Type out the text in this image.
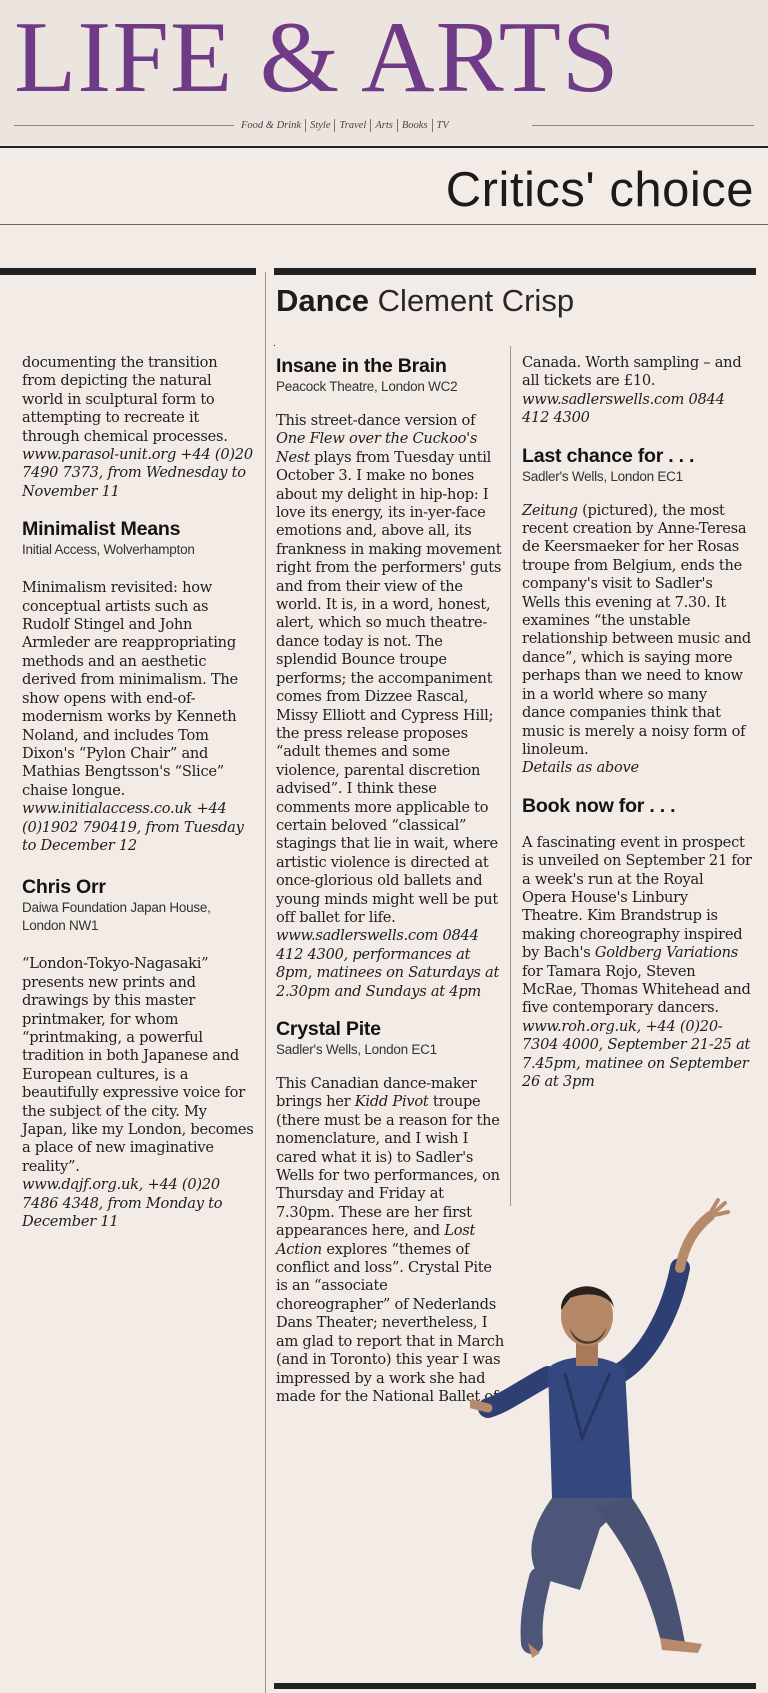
LIFE & ARTS
Food & Drink Style Travel Arts Books TV
Critics' choice
Dance Clement Crisp

documenting the transition from depicting the natural world in sculptural form to attempting to recreate it through chemical processes.

www.parasol-unit.org +44 (0)20 7490 7373, from Wednesday to November 11

Minimalist Means

Initial Access, Wolverhampton

Minimalism revisited: how conceptual artists such as Rudolf Stingel and John Armleder are reappropriating methods and an aesthetic derived from minimalism. The show opens with end-of-modernism works by Kenneth Noland, and includes Tom Dixon's “Pylon Chair” and Mathias Bengtsson's “Slice” chaise longue.

www.initialaccess.co.uk +44 (0)1902 790419, from Tuesday to December 12

Chris Orr

Daiwa Foundation Japan House, London NW1

“London-Tokyo-Nagasaki” presents new prints and drawings by this master printmaker, for whom “printmaking, a powerful tradition in both Japanese and European cultures, is a beautifully expressive voice for the subject of the city. My Japan, like my London, becomes a place of new imaginative reality”.

www.dajf.org.uk, +44 (0)20 7486 4348, from Monday to December 11

Insane in the Brain

Peacock Theatre, London WC2

This street-dance version of One Flew over the Cuckoo's Nest plays from Tuesday until October 3. I make no bones about my delight in hip-hop: I love its energy, its in-yer-face emotions and, above all, its frankness in making movement right from the performers' guts and from their view of the world. It is, in a word, honest, alert, which so much theatre-dance today is not. The splendid Bounce troupe performs; the accompaniment comes from Dizzee Rascal, Missy Elliott and Cypress Hill; the press release proposes “adult themes and some violence, parental discretion advised”. I think these comments more applicable to certain beloved “classical” stagings that lie in wait, where artistic violence is directed at once-glorious old ballets and young minds might well be put off ballet for life.

www.sadlerswells.com 0844 412 4300, performances at 8pm, matinees on Saturdays at 2.30pm and Sundays at 4pm

Crystal Pite

Sadler's Wells, London EC1

This Canadian dance-maker brings her Kidd Pivot troupe (there must be a reason for the nomenclature, and I wish I cared what it is) to Sadler's Wells for two performances, on Thursday and Friday at 7.30pm. These are her first appearances here, and Lost Action explores “themes of conflict and loss”. Crystal Pite is an “associate choreographer” of Nederlands Dans Theater; nevertheless, I am glad to report that in March (and in Toronto) this year I was impressed by a work she had made for the National Ballet of

Canada. Worth sampling – and all tickets are £10.

www.sadlerswells.com 0844 412 4300

Last chance for . . .

Sadler's Wells, London EC1

Zeitung (pictured), the most recent creation by Anne-Teresa de Keersmaeker for her Rosas troupe from Belgium, ends the company's visit to Sadler's Wells this evening at 7.30. It examines “the unstable relationship between music and dance”, which is saying more perhaps than we need to know in a world where so many dance companies think that music is merely a noisy form of linoleum.

Details as above

Book now for . . .

A fascinating event in prospect is unveiled on September 21 for a week's run at the Royal Opera House's Linbury Theatre. Kim Brandstrup is making choreography inspired by Bach's Goldberg Variations for Tamara Rojo, Steven McRae, Thomas Whitehead and five contemporary dancers.

www.roh.org.uk, +44 (0)20-7304 4000, September 21-25 at 7.45pm, matinee on September 26 at 3pm
